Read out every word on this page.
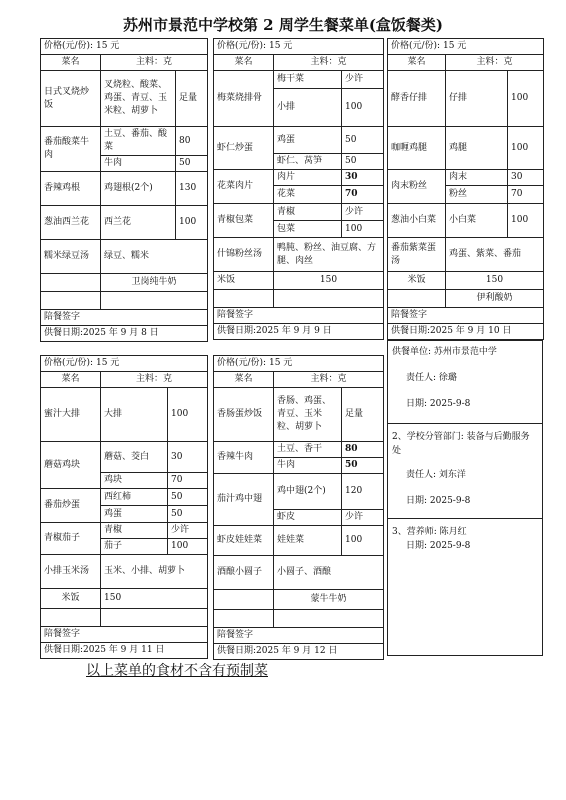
苏州市景范中学校第 2 周学生餐菜单(盒饭餐类)
价格(元/份): 15 元		
菜名	主料：克	
日式叉烧炒饭	叉烧粒、酸菜、鸡蛋、青豆、玉米粒、胡萝卜	足量
番茄酸菜牛肉	土豆、番茄、酸菜	80
	牛肉	50
香辣鸡根	鸡翅根(2个)	130
葱油西兰花	西兰花	100
糯米绿豆汤	绿豆、糯米	
	卫岗纯牛奶	

陪餐签字		
供餐日期:2025 年 9 月 8 日		
价格(元/份): 15 元		
菜名	主料：克	
梅菜烧排骨	梅干菜	少许
	小排	100
虾仁炒蛋	鸡蛋	50
	虾仁、莴笋	50
花菜肉片	肉片	30
	花菜	70
青椒包菜	青椒	少许
	包菜	100
什锦粉丝汤	鸭肫、粉丝、油豆腐、方腿、肉丝	
米饭	150	

陪餐签字		
供餐日期:2025 年 9 月 9 日		
价格(元/份): 15 元		
菜名	主料：克	
酵香仔排	仔排	100
咖喱鸡腿	鸡腿	100
肉末粉丝	肉末	30
	粉丝	70
葱油小白菜	小白菜	100
番茄紫菜蛋汤	鸡蛋、紫菜、番茄	
米饭	150	
	伊利酸奶	
陪餐签字		
供餐日期:2025 年 9 月 10 日		
价格(元/份): 15 元		
菜名	主料：克	
蜜汁大排	大排	100
蘑菇鸡块	蘑菇、茭白	30
	鸡块	70
番茄炒蛋	西红柿	50
	鸡蛋	50
青椒茄子	青椒	少许
	茄子	100
小排玉米汤	玉米、小排、胡萝卜	
米饭	150	

陪餐签字		
供餐日期:2025 年 9 月 11 日		
价格(元/份): 15 元		
菜名	主料：克	
香肠蛋炒饭	香肠、鸡蛋、青豆、玉米粒、胡萝卜	足量
香辣牛肉	土豆、香干	80
	牛肉	50
茄汁鸡中翅	鸡中翅(2个)	120
	虾皮	少许
虾皮娃娃菜	娃娃菜	100
酒酿小圆子	小圆子、酒酿	
	蒙牛牛奶	

陪餐签字		
供餐日期:2025 年 9 月 12 日		
供餐单位: 苏州市景范中学
责任人: 徐璐
日期: 2025-9-8
2、学校分管部门: 装备与后勤服务处
责任人: 刘东洋
日期: 2025-9-8
3、营养师: 陈月红
日期: 2025-9-8
以上菜单的食材不含有预制菜
